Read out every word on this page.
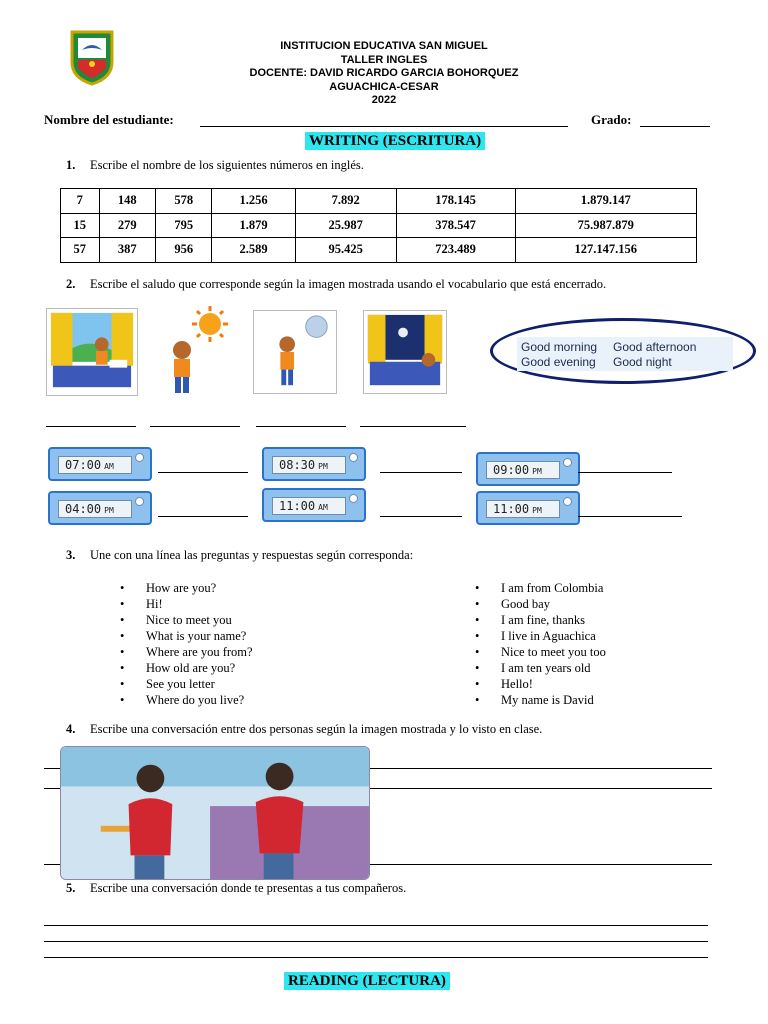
INSTITUCION EDUCATIVA SAN MIGUEL
TALLER INGLES
DOCENTE: DAVID RICARDO GARCIA BOHORQUEZ
AGUACHICA-CESAR
2022
Nombre del estudiante:	Grado:
WRITING (ESCRITURA)
1. Escribe el nombre de los siguientes números en inglés.
7	148	578	1.256	7.892	178.145	1.879.147
15	279	795	1.879	25.987	378.547	75.987.879
57	387	956	2.589	95.425	723.489	127.147.156
2. Escribe el saludo que corresponde según la imagen mostrada usando el vocabulario que está encerrado.
Good morning Good afternoon
Good evening Good night
07:00 AM	08:30 PM	09:00 PM
04:00 PM	11:00 AM	11:00 PM
3. Une con una línea las preguntas y respuestas según corresponda:
• How are you?
• Hi!
• Nice to meet you
• What is your name?
• Where are you from?
• How old are you?
• See you letter
• Where do you live?
• I am from Colombia
• Good bay
• I am fine, thanks
• I live in Aguachica
• Nice to meet you too
• I am ten years old
• Hello!
• My name is David
4. Escribe una conversación entre dos personas según la imagen mostrada y lo visto en clase.
5. Escribe una conversación donde te presentas a tus compañeros.
READING (LECTURA)
